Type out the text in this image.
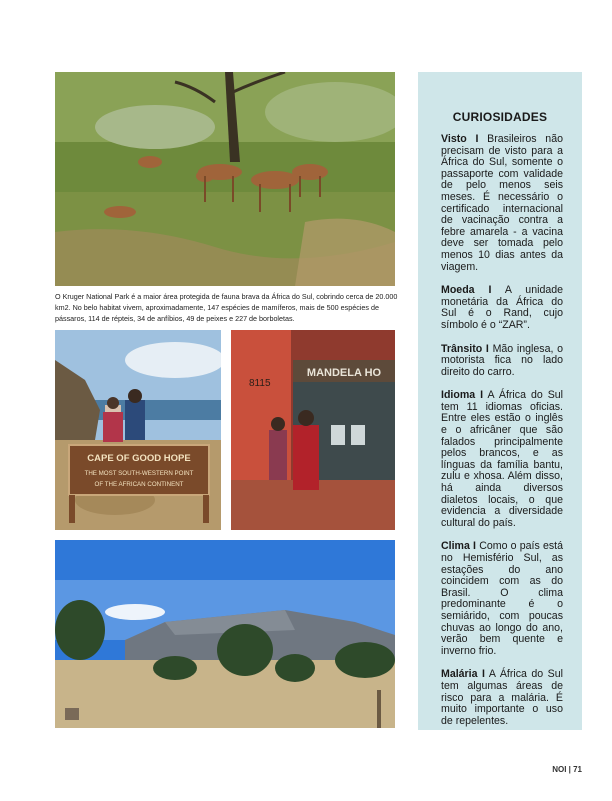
O Kruger National Park é a maior área protegida de fauna brava da África do Sul, cobrindo cerca de 20.000 km2. No belo habitat vivem, aproximadamente, 147 espécies de mamíferos, mais de 500 espécies de pássaros, 114 de répteis, 34 de anfíbios, 49 de peixes e 227 de borboletas.
CAPE OF GOOD HOPE
THE MOST SOUTH-WESTERN POINT
OF THE AFRICAN CONTINENT
MANDELA HO
8115
CURIOSIDADES

Visto I Brasileiros não precisam de visto para a África do Sul, somente o passaporte com validade de pelo menos seis meses. É necessário o certificado internacional de vacinação contra a febre amarela - a vacina deve ser tomada pelo menos 10 dias antes da viagem.

Moeda I A unidade monetária da África do Sul é o Rand, cujo símbolo é o “ZAR”.

Trânsito I Mão inglesa, o motorista fica no lado direito do carro.

Idioma I A África do Sul tem 11 idiomas oficias. Entre eles estão o inglês e o africâner que são falados principalmente pelos brancos, e as línguas da família bantu, zulu e xhosa. Além disso, há ainda diversos dialetos locais, o que evidencia a diversidade cultural do país.

Clima I Como o país está no Hemisfério Sul, as estações do ano coincidem com as do Brasil. O clima predominante é o semiárido, com poucas chuvas ao longo do ano, verão bem quente e inverno frio.

Malária I A África do Sul tem algumas áreas de risco para a malária. É muito importante o uso de repelentes.

NOI | 71
